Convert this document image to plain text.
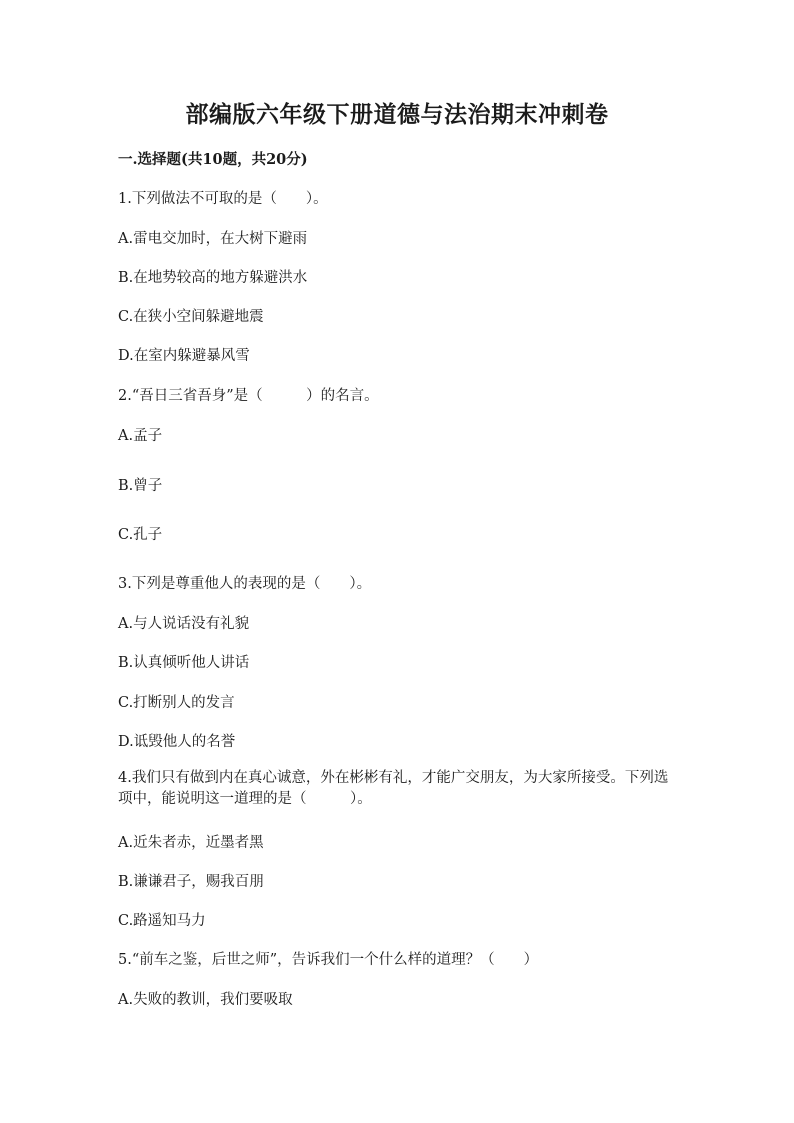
部编版六年级下册道德与法治期末冲刺卷
一.选择题(共10题，共20分)
1.下列做法不可取的是（　　）。
A.雷电交加时，在大树下避雨
B.在地势较高的地方躲避洪水
C.在狭小空间躲避地震
D.在室内躲避暴风雪
2.“吾日三省吾身”是（　　　）的名言。
A.孟子
B.曾子
C.孔子
3.下列是尊重他人的表现的是（　　）。
A.与人说话没有礼貌
B.认真倾听他人讲话
C.打断别人的发言
D.诋毁他人的名誉
4.我们只有做到内在真心诚意，外在彬彬有礼，才能广交朋友，为大家所接受。下列选项中，能说明这一道理的是（　　　）。
A.近朱者赤，近墨者黑
B.谦谦君子，赐我百朋
C.路遥知马力
5.“前车之鉴，后世之师”，告诉我们一个什么样的道理？（　　）
A.失败的教训，我们要吸取
